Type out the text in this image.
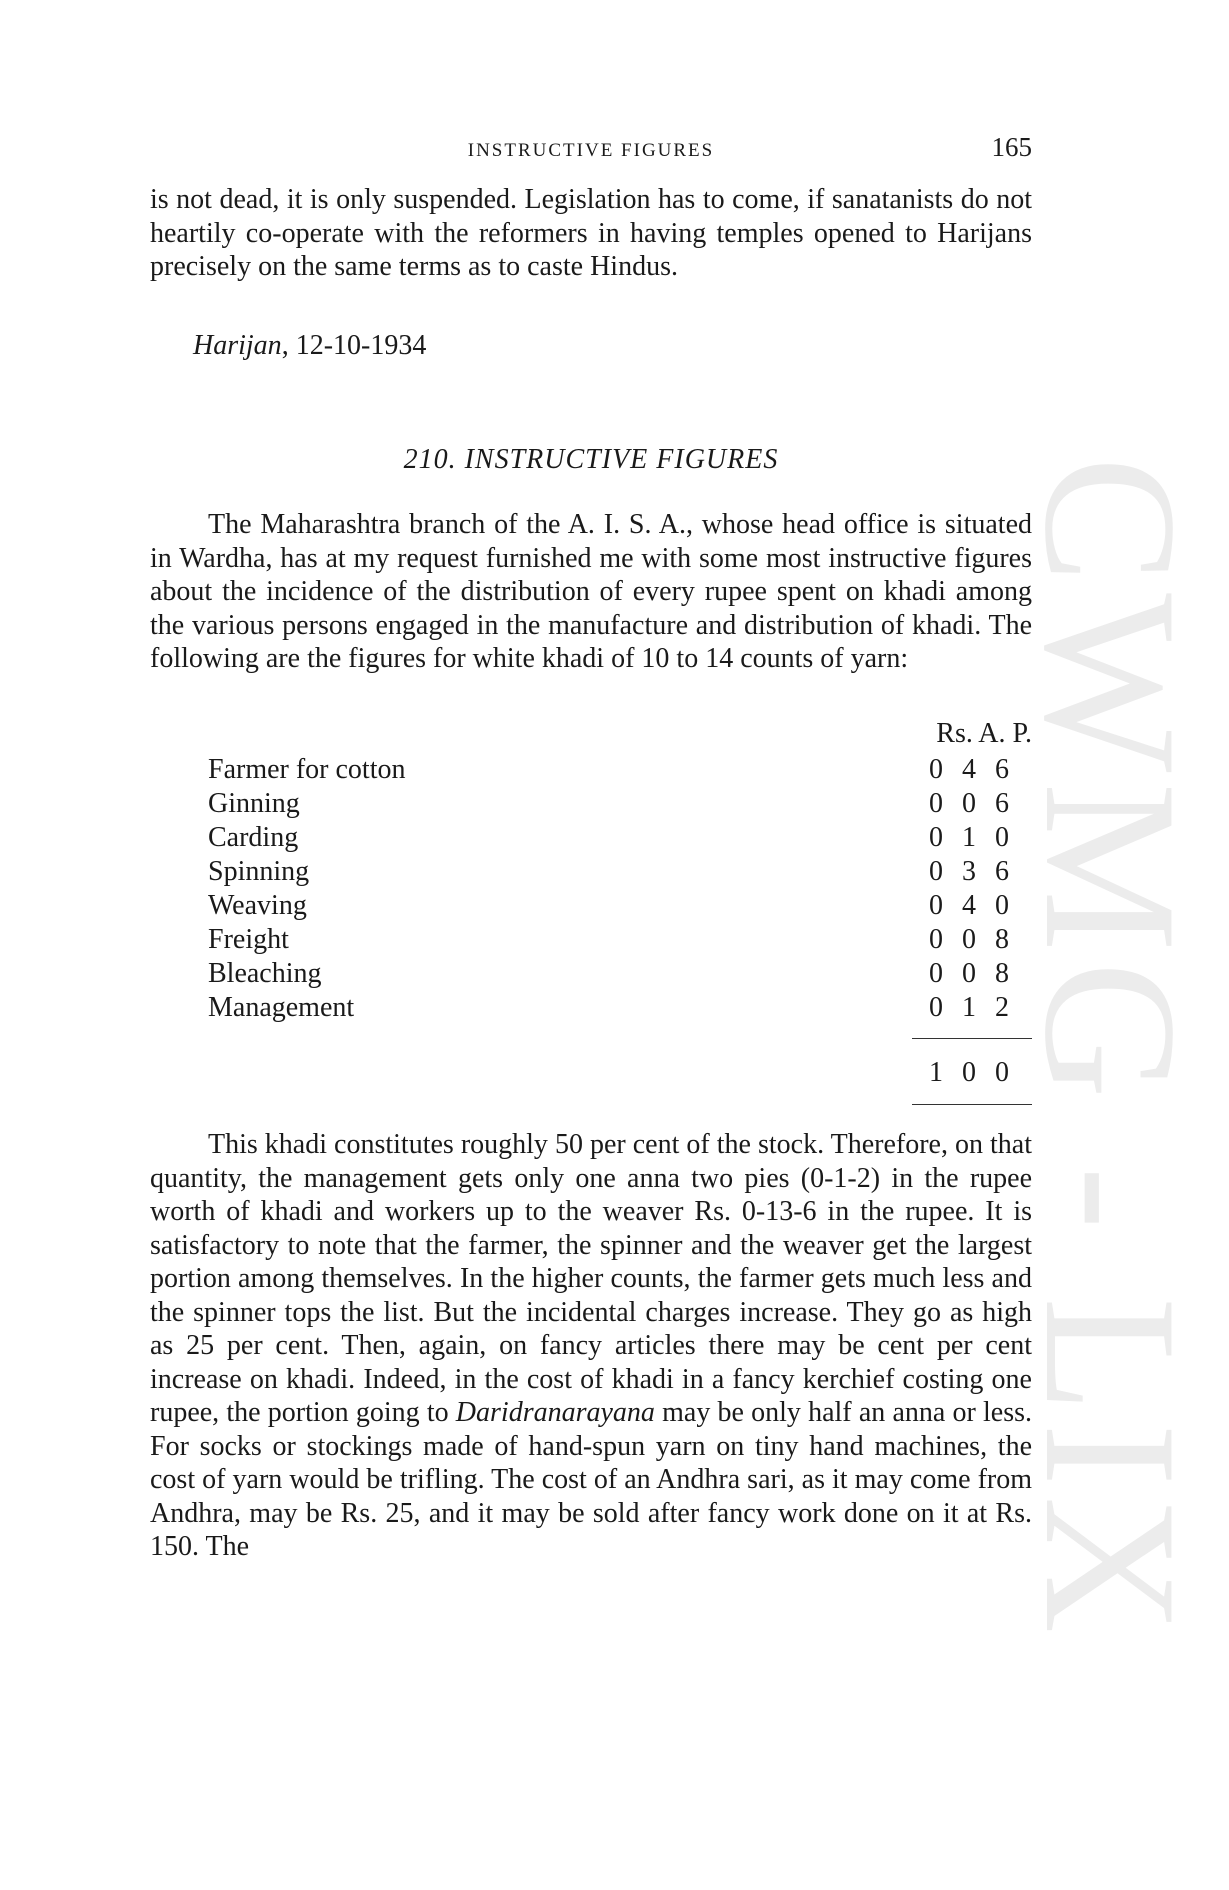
CWMG - LIX
INSTRUCTIVE FIGURES	165

is not dead, it is only suspended. Legislation has to come, if sanatanists do not heartily co-operate with the reformers in having temples opened to Harijans precisely on the same terms as to caste Hindus.

Harijan, 12-10-1934
210. INSTRUCTIVE FIGURES

The Maharashtra branch of the A. I. S. A., whose head office is situated in Wardha, has at my request furnished me with some most instructive figures about the incidence of the distribution of every rupee spent on khadi among the various persons engaged in the manufacture and distribution of khadi. The following are the figures for white khadi of 10 to 14 counts of yarn:

Rs. A. P.
Farmer for cotton	0 4 6
Ginning	0 0 6
Carding	0 1 0
Spinning	0 3 6
Weaving	0 4 0
Freight	0 0 8
Bleaching	0 0 8
Management	0 1 2
1 0 0

This khadi constitutes roughly 50 per cent of the stock. Therefore, on that quantity, the management gets only one anna two pies (0-1-2) in the rupee worth of khadi and workers up to the weaver Rs. 0-13-6 in the rupee. It is satisfactory to note that the farmer, the spinner and the weaver get the largest portion among themselves. In the higher counts, the farmer gets much less and the spinner tops the list. But the incidental charges increase. They go as high as 25 per cent. Then, again, on fancy articles there may be cent per cent increase on khadi. Indeed, in the cost of khadi in a fancy kerchief costing one rupee, the portion going to Daridranarayana may be only half an anna or less. For socks or stockings made of hand-spun yarn on tiny hand machines, the cost of yarn would be trifling. The cost of an Andhra sari, as it may come from Andhra, may be Rs. 25, and it may be sold after fancy work done on it at Rs. 150. The
